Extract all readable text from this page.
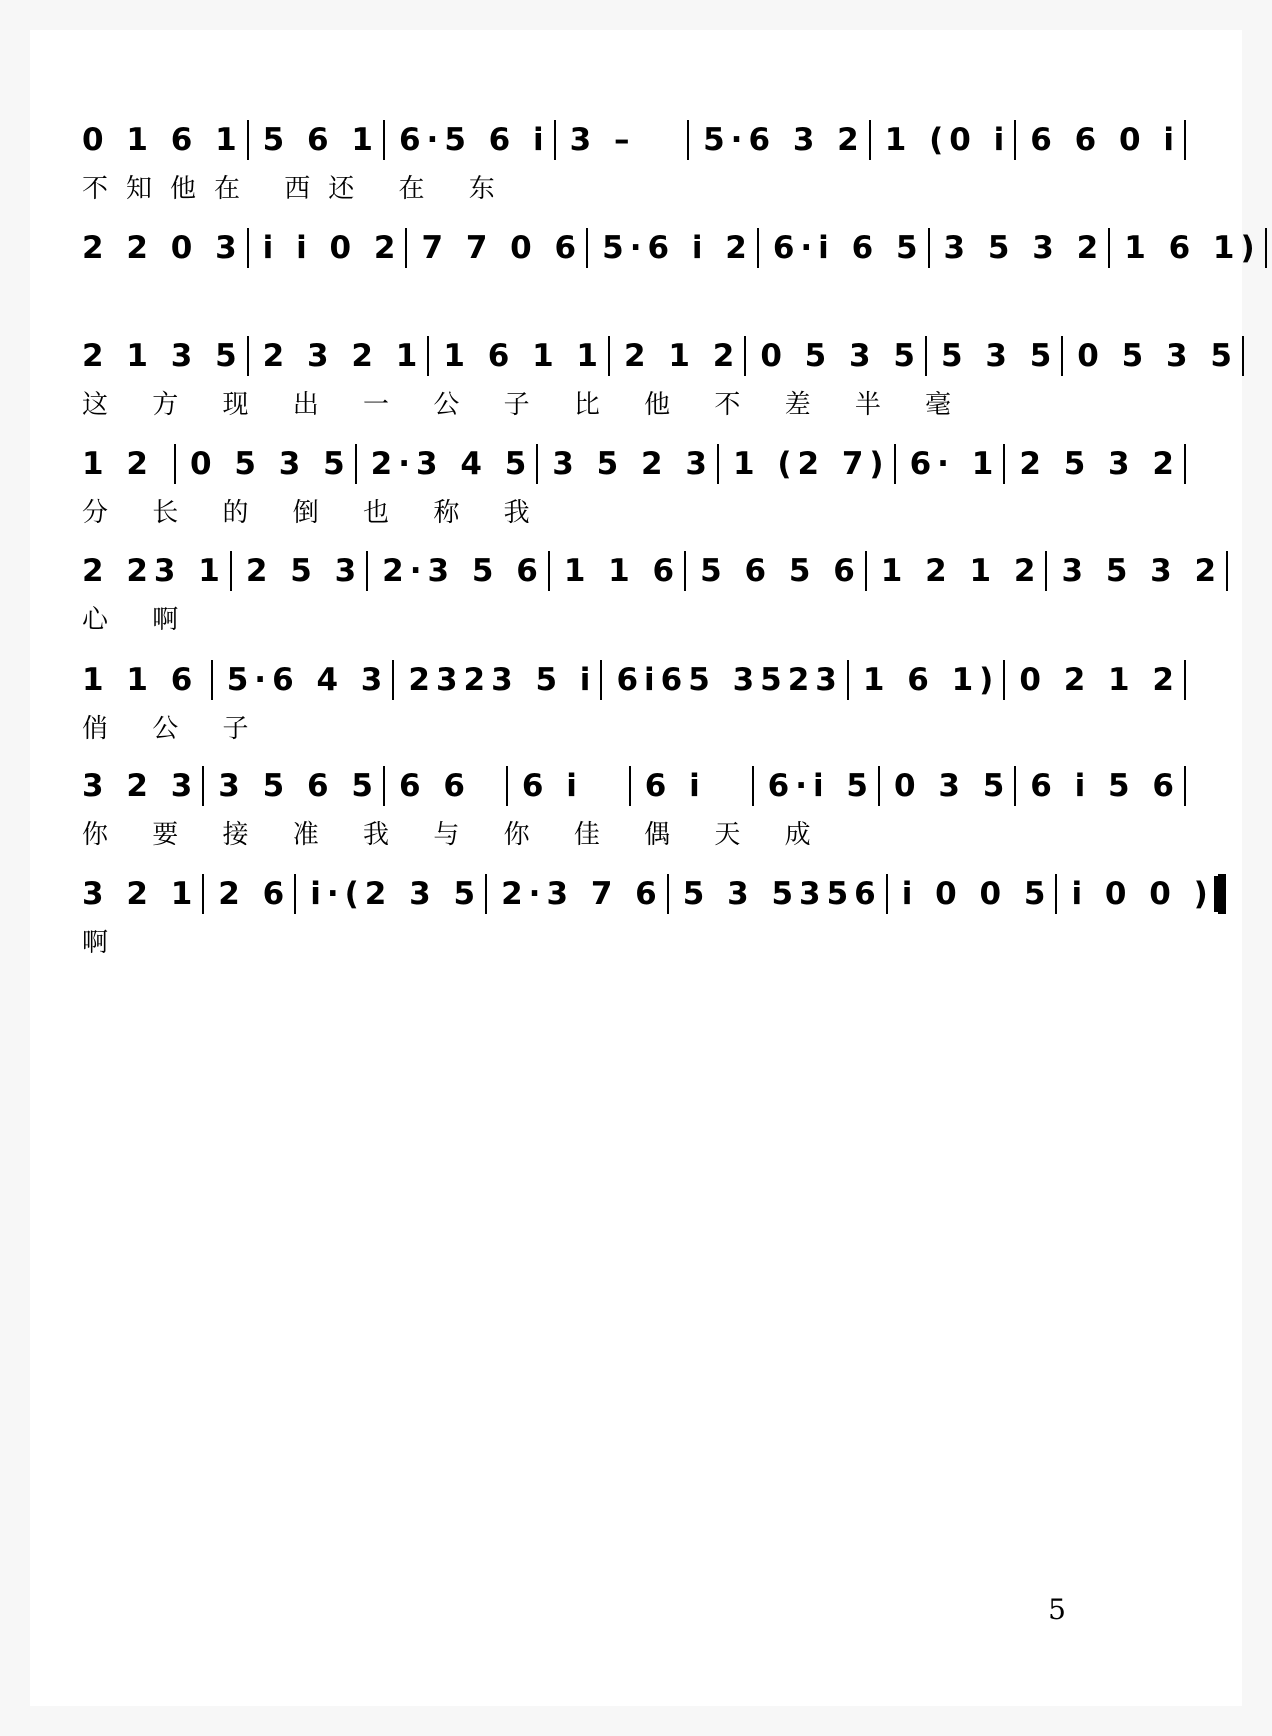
0 1 6 1 5 6 1 6·5 6 i 3 –	5·6 3 2 1 (0 i 6 6 0 i
不知他在 西还 在 东
2 2 0 3 i i 0 2 7 7 0 6 5·6 i 2 6·i 6 5 3 5 3 2 1 6 1)
2 1 3 5 2 3 2 1 1 6 1 1 2 1 2 0 5 3 5 5 3 5 0 5 3 5
这 方 现 出 一 公 子 比 他 不 差 半 毫
1 2	0 5 3 5 2·3 4 5 3 5 2 3 1 (2 7) 6· 1 2 5 3 2
分 长 的 倒 也 称 我
2 23 1 2 5 3 2·3 5 6 1 1 6 5 6 5 6 1 2 1 2 3 5 3 2
心 啊
1 1 6 5·6 4 3 2323 5 i 6i65 3523 1 6 1) 0 2 1 2
俏 公 子
3 2 3 3 5 6 5 6 6	6 i	6 i	6·i 5 0 3 5 6 i 5 6
你 要 接 准 我 与 你 佳 偶 天 成
3 2 1 2 6 i·(2 3 5 2·3 7 6 5 3 5356 i 0 0 5 i 0 0 )
啊
5
